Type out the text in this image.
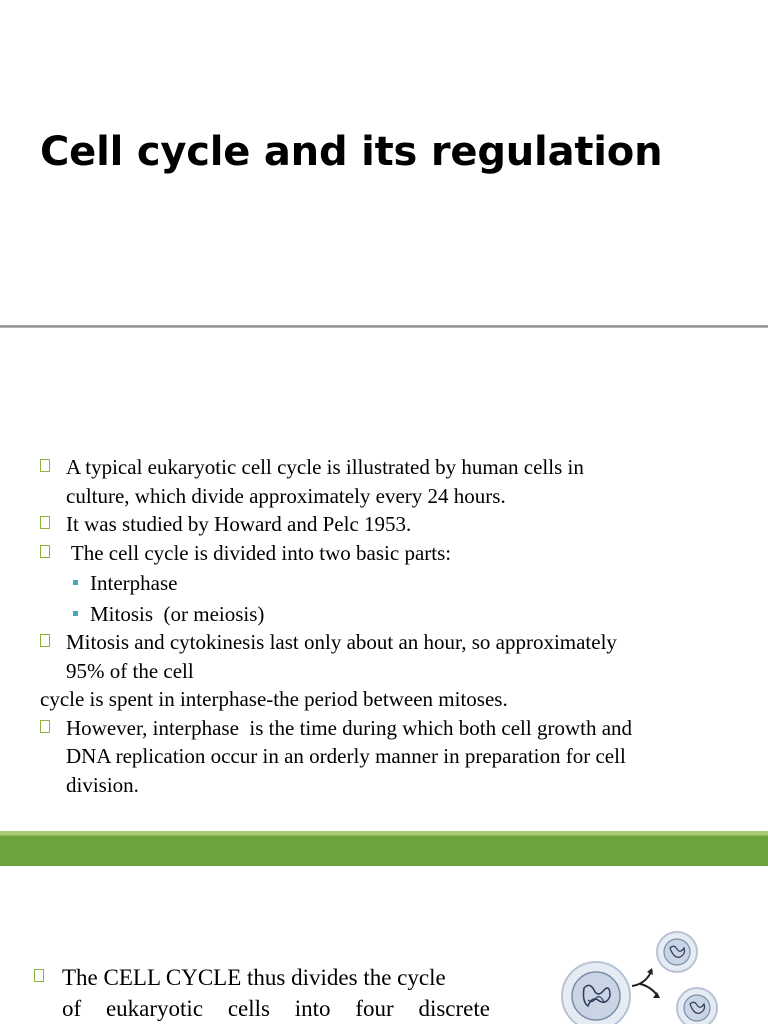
Cell cycle and its regulation
A typical eukaryotic cell cycle is illustrated by human cells in
culture, which divide approximately every 24 hours.
It was studied by Howard and Pelc 1953.
The cell cycle is divided into two basic parts:
Interphase
Mitosis  (or meiosis)
Mitosis and cytokinesis last only about an hour, so approximately
95% of the cell
cycle is spent in interphase-the period between mitoses.
However, interphase  is the time during which both cell growth and
DNA replication occur in an orderly manner in preparation for cell
division.
The CELL CYCLE thus divides the cycle
of eukaryotic cells into four discrete
